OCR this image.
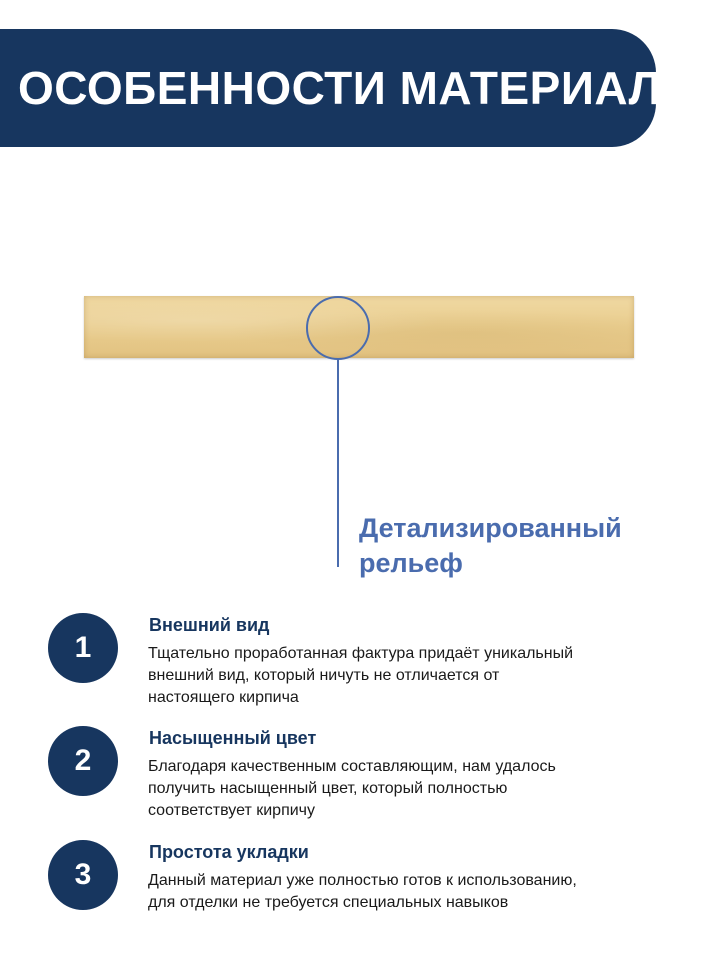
ОСОБЕННОСТИ МАТЕРИАЛА
Детализированный
рельеф
1
Внешний вид
Тщательно проработанная фактура придаёт уникальный
внешний вид, который ничуть не отличается от
настоящего кирпича
2
Насыщенный цвет
Благодаря качественным составляющим, нам удалось
получить насыщенный цвет, который полностью
соответствует кирпичу
3
Простота укладки
Данный материал уже полностью готов к использованию,
для отделки не требуется специальных навыков
